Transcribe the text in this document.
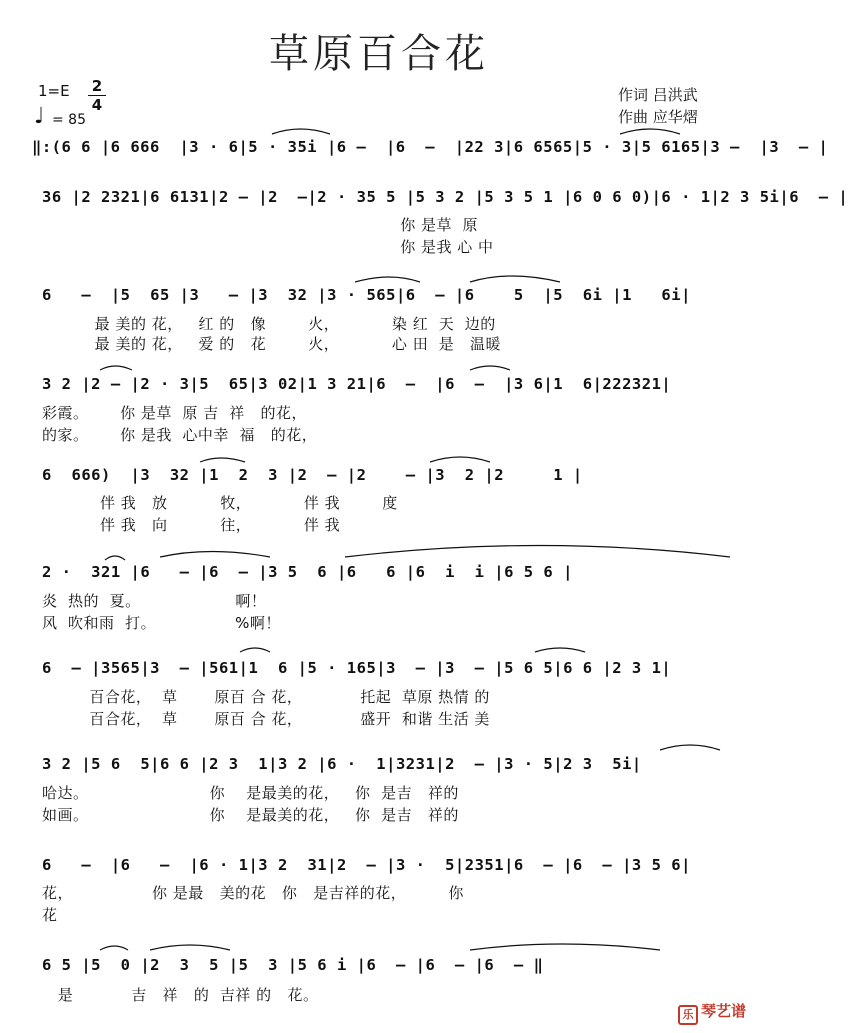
草原百合花
1=E 2
4
♩ = 85
作词 吕洪武
作曲 应华熠
‖:(6 6 |6 666  |3 · 6|5 · 35i |6 –  |6  –  |22 3|6 6565|5 · 3|5 6165|3 –  |3  – |
36 |2 2321|6 6131|2 – |2  –|2 · 35 5 |5 3 2 |5 3 5 1 |6 0 6 0)|6 · 1|2 3 5i|6  – |
你 是草  原
你 是我 心 中
6   –  |5  65 |3   – |3  32 |3 · 565|6  – |6    5  |5  6i |1   6i|
最 美的 花，   红 的   像        火，          染 红  天  边的
最 美的 花，   爱 的   花        火，          心 田  是   温暖
3 2 |2 – |2 · 3|5  65|3 02|1 3 21|6  –  |6  –  |3 6|1  6|222321|
彩霞。      你 是草  原 吉  祥   的花，
的家。      你 是我  心中幸  福   的花，
6  666)  |3  32 |1  2  3 |2  – |2    – |3  2 |2     1 |
伴 我   放          牧，          伴 我        度
伴 我   向          往，          伴 我
2 ·  321 |6   – |6  – |3 5  6 |6   6 |6  i  i |6 5 6 |
炎  热的  夏。                  啊！
风  吹和雨  打。               %啊！
6  – |3565|3  – |561|1  6 |5 · 165|3  – |3  – |5 6 5|6 6 |2 3 1|
百合花，  草       原百 合 花，           托起  草原 热情 的
百合花，  草       原百 合 花，           盛开  和谐 生活 美
3 2 |5 6  5|6 6 |2 3  1|3 2 |6 ·  1|3231|2  – |3 · 5|2 3  5i|
哈达。                       你    是最美的花，   你  是吉   祥的
如画。                       你    是最美的花，   你  是吉   祥的
6   –  |6   –  |6 · 1|3 2  31|2  – |3 ·  5|2351|6  – |6  – |3 5 6|
花，               你 是最   美的花   你   是吉祥的花，        你
花
6 5 |5  0 |2  3  5 |5  3 |5 6 i |6  – |6  – |6  – ‖
是           吉   祥   的  吉祥 的   花。
乐 琴艺谱
